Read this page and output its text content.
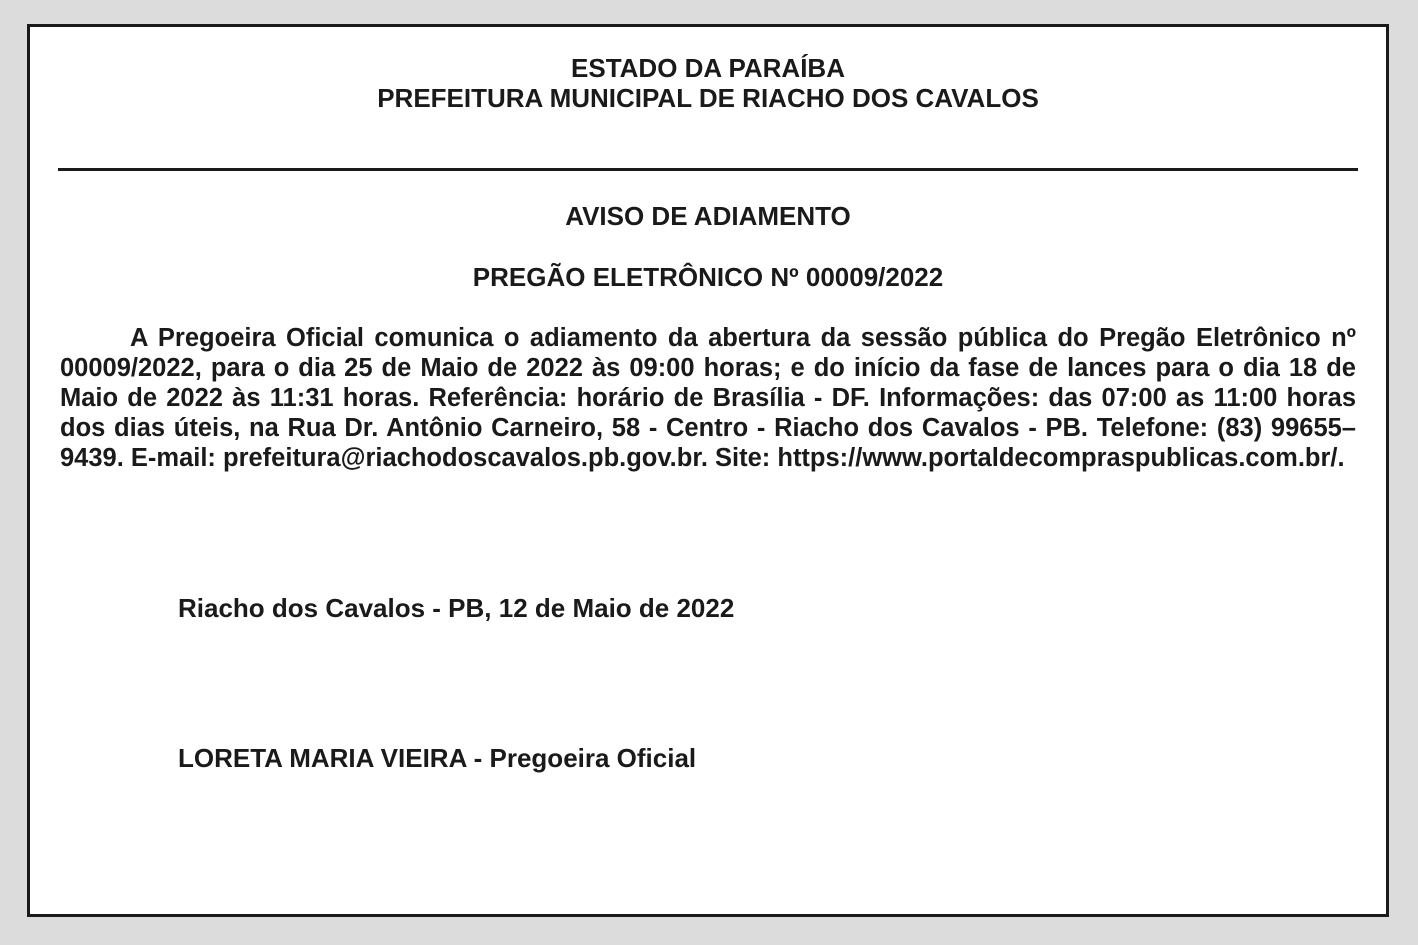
ESTADO DA PARAÍBA
PREFEITURA MUNICIPAL DE RIACHO DOS CAVALOS
AVISO DE ADIAMENTO
PREGÃO ELETRÔNICO Nº 00009/2022

A Pregoeira Oficial comunica o adiamento da abertura da sessão pública do Pregão Eletrônico nº 00009/2022, para o dia 25 de Maio de 2022 às 09:00 horas; e do início da fase de lances para o dia 18 de Maio de 2022 às 11:31 horas. Referência: horário de Brasília - DF. Informações: das 07:00 as 11:00 horas dos dias úteis, na Rua Dr. Antônio Carneiro, 58 - Centro - Riacho dos Cavalos - PB. Telefone: (83) 99655–9439. E-mail: prefeitura@riachodoscavalos.pb.gov.br. Site: https://www.portaldecompraspublicas.com.br/.

Riacho dos Cavalos - PB, 12 de Maio de 2022
LORETA MARIA VIEIRA - Pregoeira Oficial
